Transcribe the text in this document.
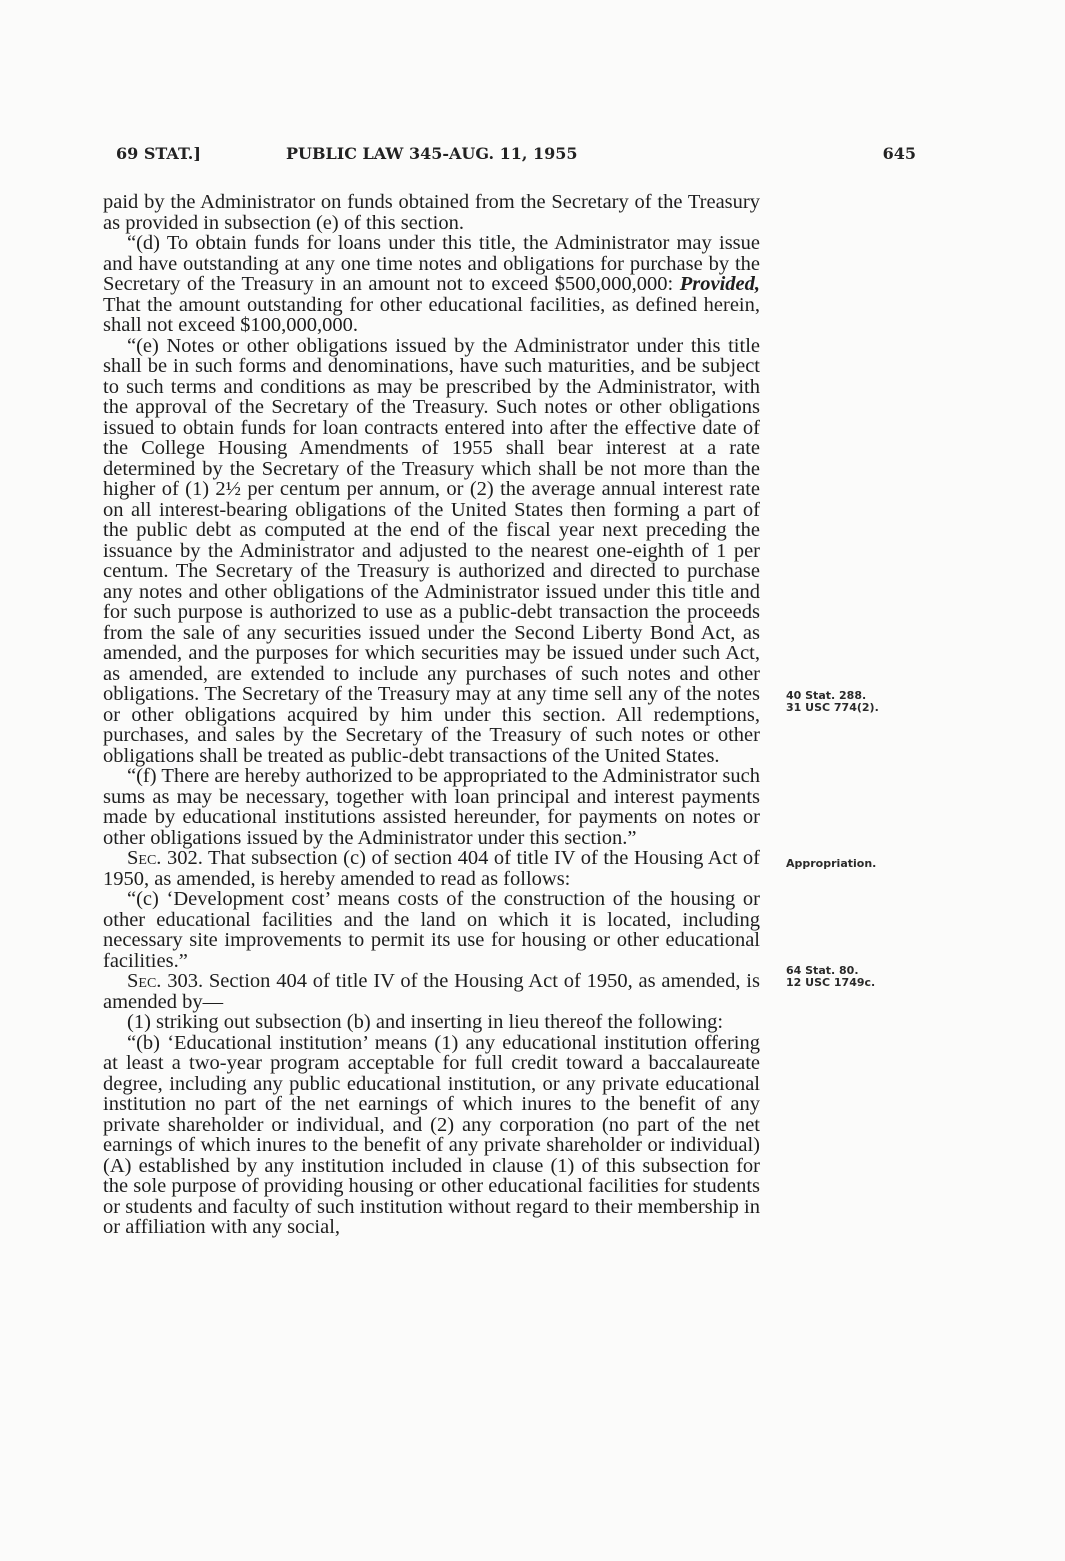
69 STAT.]	PUBLIC LAW 345-AUG. 11, 1955	645

paid by the Administrator on funds obtained from the Secretary of the Treasury as provided in subsection (e) of this section.

“(d) To obtain funds for loans under this title, the Administrator may issue and have outstanding at any one time notes and obligations for purchase by the Secretary of the Treasury in an amount not to exceed $500,000,000: Provided, That the amount outstanding for other educational facilities, as defined herein, shall not exceed $100,000,000.

“(e) Notes or other obligations issued by the Administrator under this title shall be in such forms and denominations, have such maturities, and be subject to such terms and conditions as may be prescribed by the Administrator, with the approval of the Secretary of the Treasury. Such notes or other obligations issued to obtain funds for loan contracts entered into after the effective date of the College Housing Amendments of 1955 shall bear interest at a rate determined by the Secretary of the Treasury which shall be not more than the higher of (1) 2½ per centum per annum, or (2) the average annual interest rate on all interest-bearing obligations of the United States then forming a part of the public debt as computed at the end of the fiscal year next preceding the issuance by the Administrator and adjusted to the nearest one-eighth of 1 per centum. The Secretary of the Treasury is authorized and directed to purchase any notes and other obligations of the Administrator issued under this title and for such purpose is authorized to use as a public-debt transaction the proceeds from the sale of any securities issued under the Second Liberty Bond Act, as amended, and the purposes for which securities may be issued under such Act, as amended, are extended to include any purchases of such notes and other obligations. The Secretary of the Treasury may at any time sell any of the notes or other obligations acquired by him under this section. All redemptions, purchases, and sales by the Secretary of the Treasury of such notes or other obligations shall be treated as public-debt transactions of the United States.

“(f) There are hereby authorized to be appropriated to the Administrator such sums as may be necessary, together with loan principal and interest payments made by educational institutions assisted hereunder, for payments on notes or other obligations issued by the Administrator under this section.”

Sec. 302. That subsection (c) of section 404 of title IV of the Housing Act of 1950, as amended, is hereby amended to read as follows:

“(c) ‘Development cost’ means costs of the construction of the housing or other educational facilities and the land on which it is located, including necessary site improvements to permit its use for housing or other educational facilities.”

Sec. 303. Section 404 of title IV of the Housing Act of 1950, as amended, is amended by—

(1) striking out subsection (b) and inserting in lieu thereof the following:

“(b) ‘Educational institution’ means (1) any educational institution offering at least a two-year program acceptable for full credit toward a baccalaureate degree, including any public educational institution, or any private educational institution no part of the net earnings of which inures to the benefit of any private shareholder or individual, and (2) any corporation (no part of the net earnings of which inures to the benefit of any private shareholder or individual) (A) established by any institution included in clause (1) of this subsection for the sole purpose of providing housing or other educational facilities for students or students and faculty of such institution without regard to their membership in or affiliation with any social,

40 Stat. 288.
31 USC 774(2).
Appropriation.
64 Stat. 80.
12 USC 1749c.
